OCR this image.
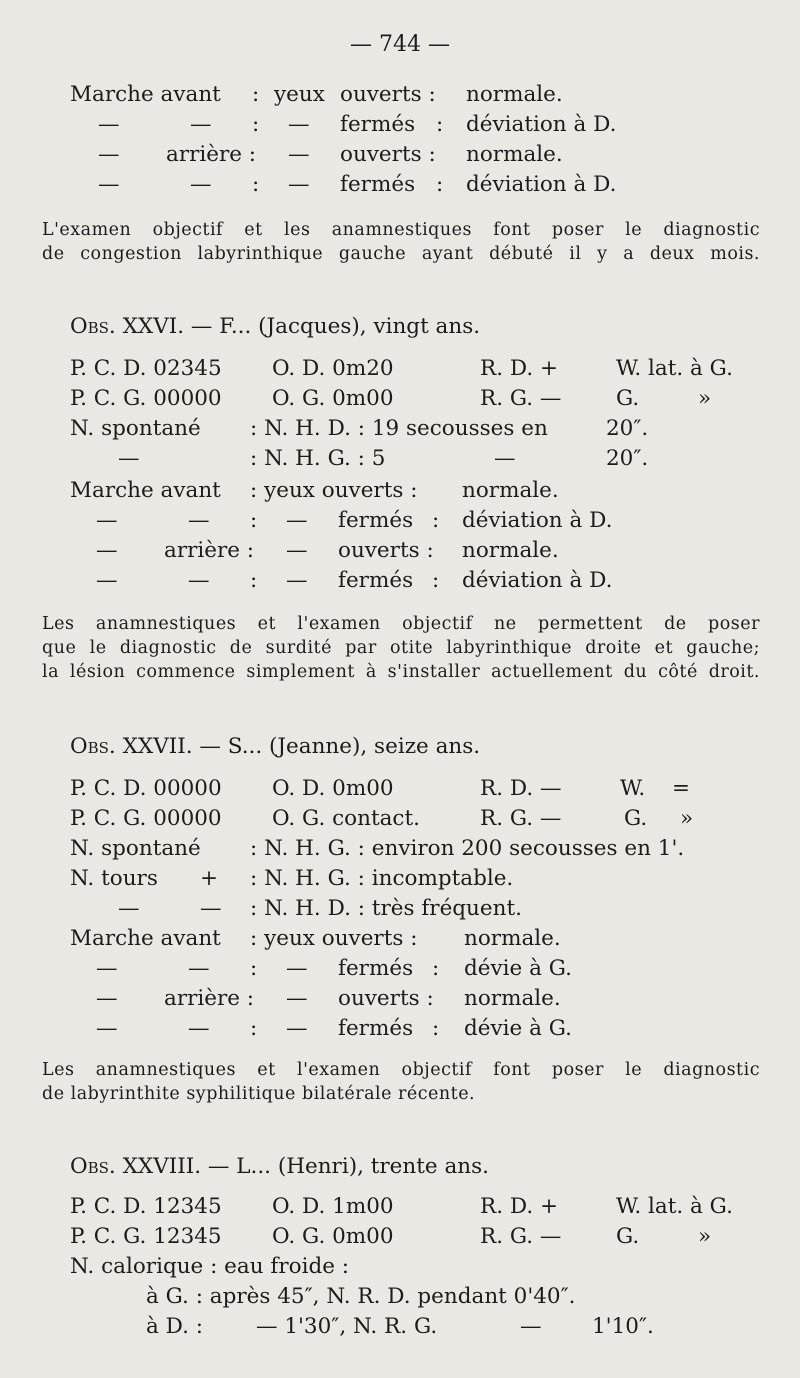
— 744 —
Marche avant : yeux ouverts : normale.
—	— : — fermés : déviation à D.
— arrière : — ouverts : normale.
—	— : — fermés : déviation à D.
L'examen objectif et les anamnestiques font poser le diagnostic
de congestion labyrinthique gauche ayant débuté il y a deux mois.
Obs. XXVI. — F... (Jacques), vingt ans.
P. C. D. 02345 O. D. 0m20	R. D. +	W. lat. à G.
P. C. G. 00000 O. G. 0m00	R. G. —	G.	»
N. spontané : N. H. D. : 19 secousses en	20″.
—	: N. H. G. : 5	—	20″.
Marche avant : yeux ouverts : normale.
—	— : — fermés : déviation à D.
— arrière : — ouverts : normale.
—	— : — fermés : déviation à D.
Les anamnestiques et l'examen objectif ne permettent de poser
que le diagnostic de surdité par otite labyrinthique droite et gauche;
la lésion commence simplement à s'installer actuellement du côté droit.
Obs. XXVII. — S... (Jeanne), seize ans.
P. C. D. 00000 O. D. 0m00	R. D. —	W. =
P. C. G. 00000 O. G. contact.	R. G. —	G. »
N. spontané : N. H. G. : environ 200 secousses en 1'.
N. tours + : N. H. G. : incomptable.
—	— : N. H. D. : très fréquent.
Marche avant : yeux ouverts : normale.
—	— : — fermés : dévie à G.
— arrière : — ouverts : normale.
—	— : — fermés : dévie à G.
Les anamnestiques et l'examen objectif font poser le diagnostic
de labyrinthite syphilitique bilatérale récente.
Obs. XXVIII. — L... (Henri), trente ans.
P. C. D. 12345 O. D. 1m00	R. D. +	W. lat. à G.
P. C. G. 12345 O. G. 0m00	R. G. —	G.	»
N. calorique : eau froide :
à G. : après 45″, N. R. D. pendant 0'40″.
à D. : — 1'30″, N. R. G.	— 1'10″.
